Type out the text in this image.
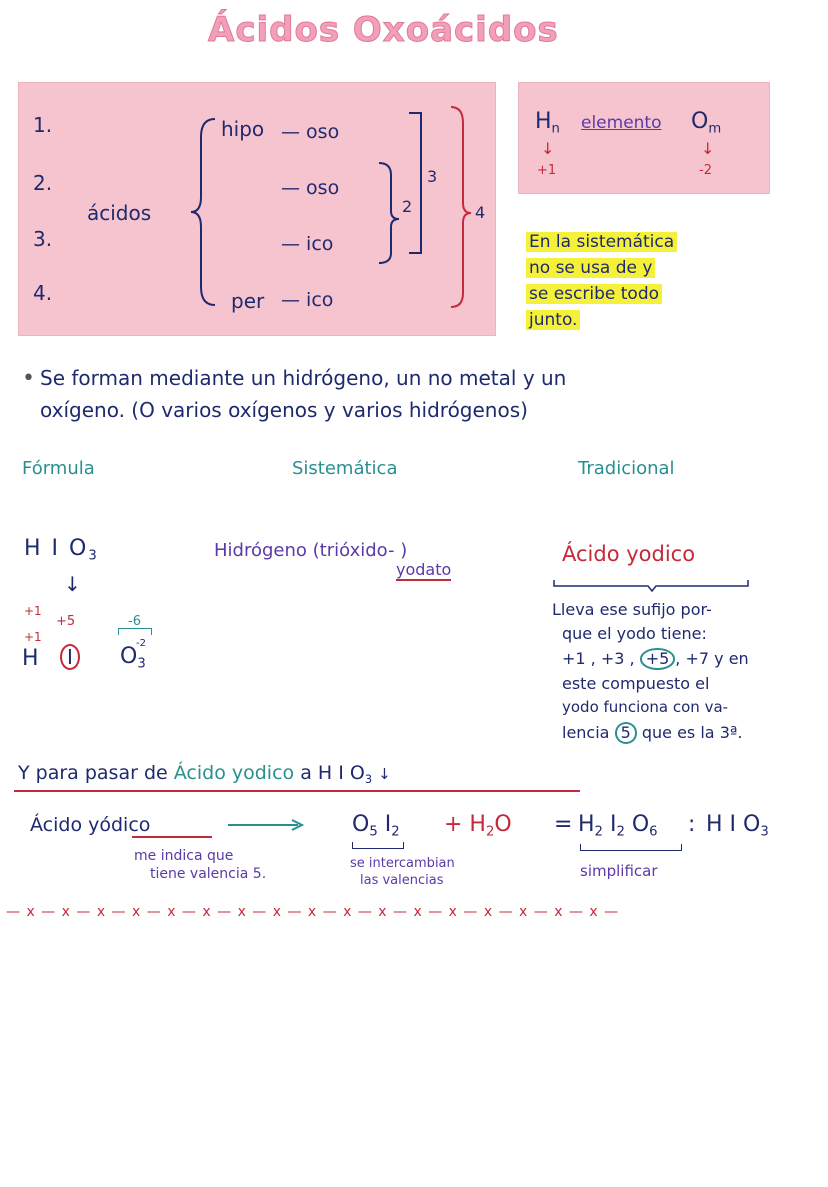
Ácidos Oxoácidos
1.
2.
3.
4.
ácidos
hipo — oso
— oso
— ico
per — ico
2
3
4
$H_n$ elemento $O_m$
↓
+1
↓
-2
En la sistemática
no se usa de y
se escribe todo
junto.
• Se forman mediante un hidrógeno, un no metal y un
oxígeno. (O varios oxígenos y varios hidrógenos)
Fórmula	Sistemática	Tradicional
H I $O_3$
↓
+1
+5	-6
+1
H	I	$O_3$
-2
Hidrógeno (trióxido- )
yodato
Ácido yodico
Lleva ese sufijo por-
que el yodo tiene:
+1 , +3 , +5 , +7 y en
este compuesto el
yodo funciona con va-
lencia 5 que es la 3ª.
Y para pasar de Ácido yodico a H I $O_3$ ↓
Ácido yódico
me indica que
tiene valencia 5.
$O_5$ $I_2$
se intercambian
las valencias
+ $H_2O = H_2$ $I_2$ $O_6$ : H I $O_3$
simplificar
— x — x — x — x — x — x — x — x — x — x — x — x — x — x — x — x — x —
